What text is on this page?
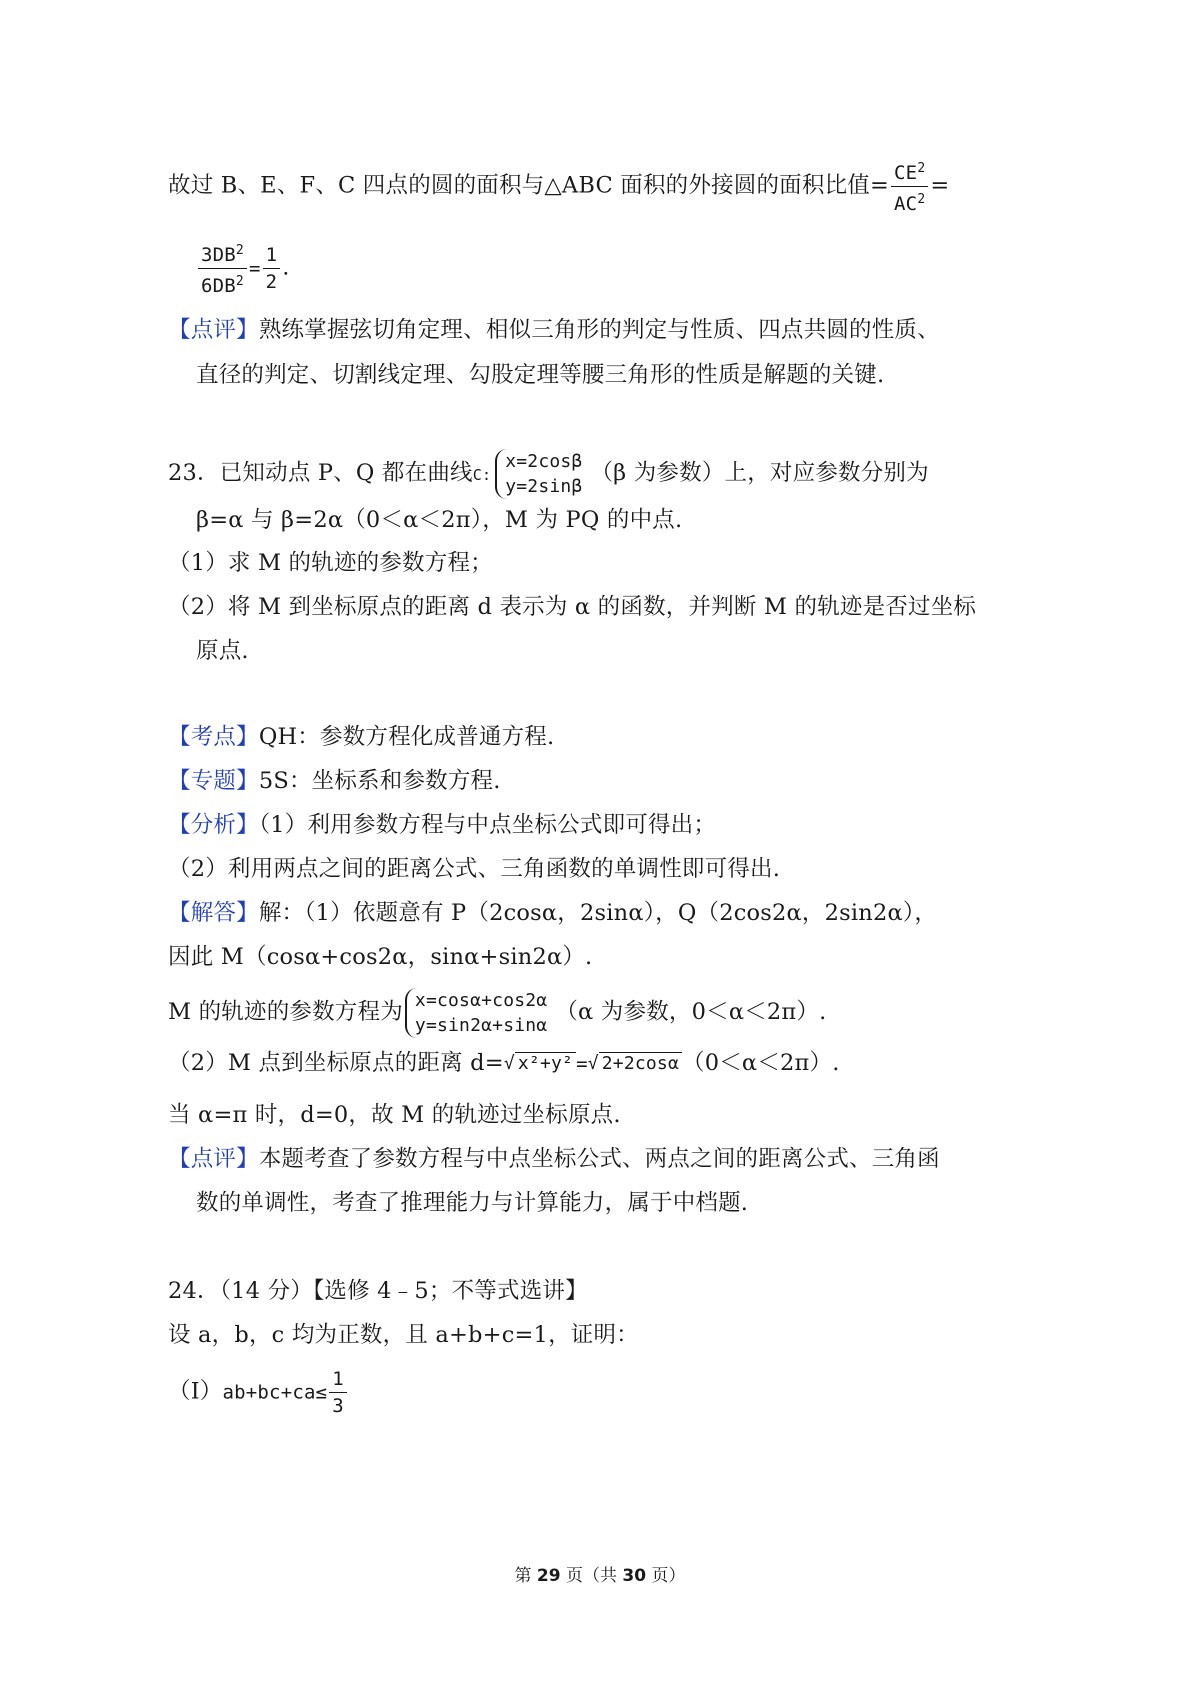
故过 B、E、F、C 四点的圆的面积与△ABC 面积的外接圆的面积比值= $\frac{CE^2}{AC^2}$ =
$\frac{3DB^2}{6DB^2} = \frac{1}{2}$ .
【点评】熟练掌握弦切角定理、相似三角形的判定与性质、四点共圆的性质、
直径的判定、切割线定理、勾股定理等腰三角形的性质是解题的关键.
23．已知动点 P、Q 都在曲线C:
x=2cosβ
y=2sinβ
（β 为参数）上，对应参数分别为
β=α 与 β=2α（0＜α＜2π），M 为 PQ 的中点.
（1）求 M 的轨迹的参数方程；
（2）将 M 到坐标原点的距离 d 表示为 α 的函数，并判断 M 的轨迹是否过坐标
原点.
【考点】QH：参数方程化成普通方程.
【专题】5S：坐标系和参数方程.
【分析】（1）利用参数方程与中点坐标公式即可得出；
（2）利用两点之间的距离公式、三角函数的单调性即可得出.
【解答】解：（1）依题意有 P（2cosα，2sinα），Q（2cos2α，2sin2α），
因此 M（cosα+cos2α，sinα+sin2α）.
M 的轨迹的参数方程为 x=cosα+cos2α
y=sin2α+sinα
（α 为参数，0＜α＜2π）.
（2）M 点到坐标原点的距离 d=√ x²+y² =√ 2+2cosα （0＜α＜2π）.
当 α=π 时，d=0，故 M 的轨迹过坐标原点.
【点评】本题考查了参数方程与中点坐标公式、两点之间的距离公式、三角函
数的单调性，考查了推理能力与计算能力，属于中档题.
24．（14 分）【选修 4﹣5；不等式选讲】
设 a，b，c 均为正数，且 a+b+c=1，证明：
（Ⅰ）ab+bc+ca≤ $\frac{1}{3}$
第 29 页（共 30 页）
